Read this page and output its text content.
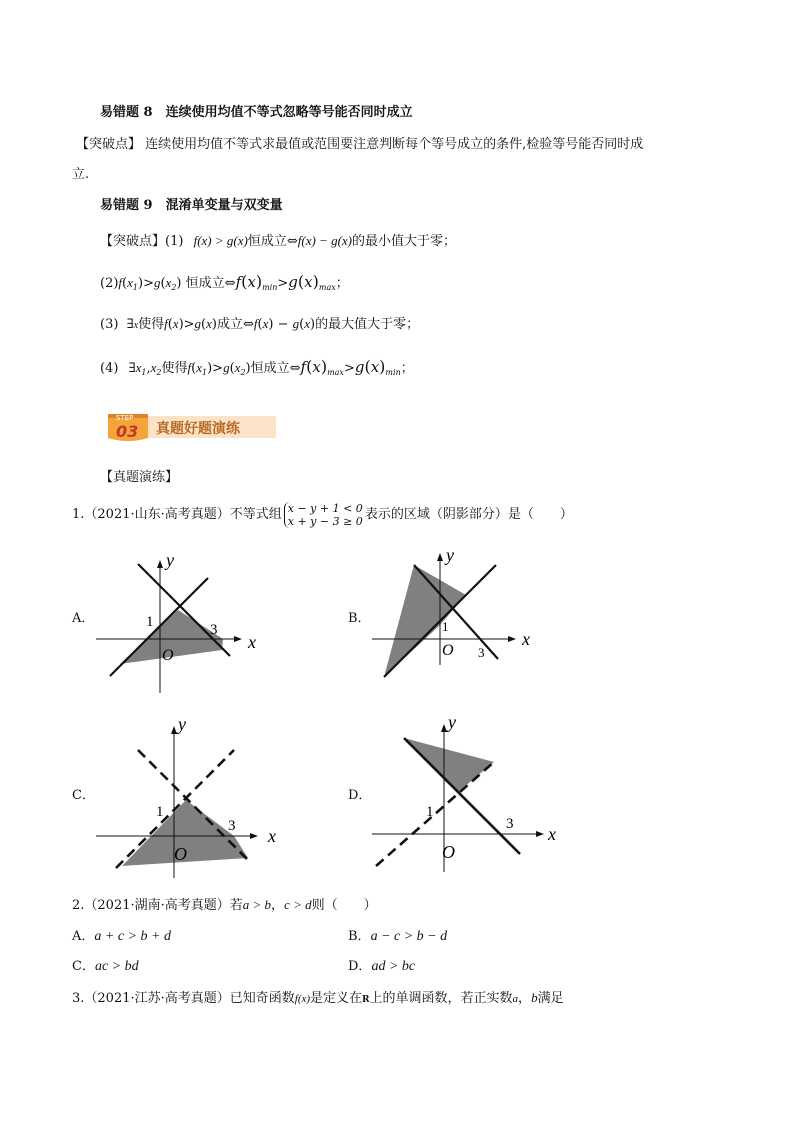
易错题 8　连续使用均值不等式忽略等号能否同时成立
【突破点】 连续使用均值不等式求最值或范围要注意判断每个等号成立的条件,检验等号能否同时成
立.
易错题 9　混淆单变量与双变量
【突破点】(1) f(x) > g(x)恒成立⇔f(x) − g(x)的最小值大于零；
$(2)f(x_1)>g(x_2)$ 恒成立$\Leftrightarrow f(x)_{min}>g(x)_{max}$；
(3) ∃x使得f(x)>g(x)成立⇔f(x) − g(x)的最大值大于零；
(4) $\exists x_1,x_2$使得$f(x_1)>g(x_2)$恒成立$\Leftrightarrow f(x)_{max}>g(x)_{min}$；
STEP
03 真题好题演练
【真题演练】
1.（2021·山东·高考真题）不等式组 x − y + 1 < 0
x + y − 3 ≥ 0 表示的区域（阴影部分）是（　　）
A．	B．
C．	D．
y
x
O
1	3
y
x
O
1
3
y
x
O
1
3
y
x
O
1
3
2.（2021·湖南·高考真题）若a > b，c > d则（　　）
A．a + c > b + d	B．a − c > b − d
C．ac > bd	D．ad > bc
3.（2021·江苏·高考真题）已知奇函数f(x)是定义在R上的单调函数，若正实数a，b满足
